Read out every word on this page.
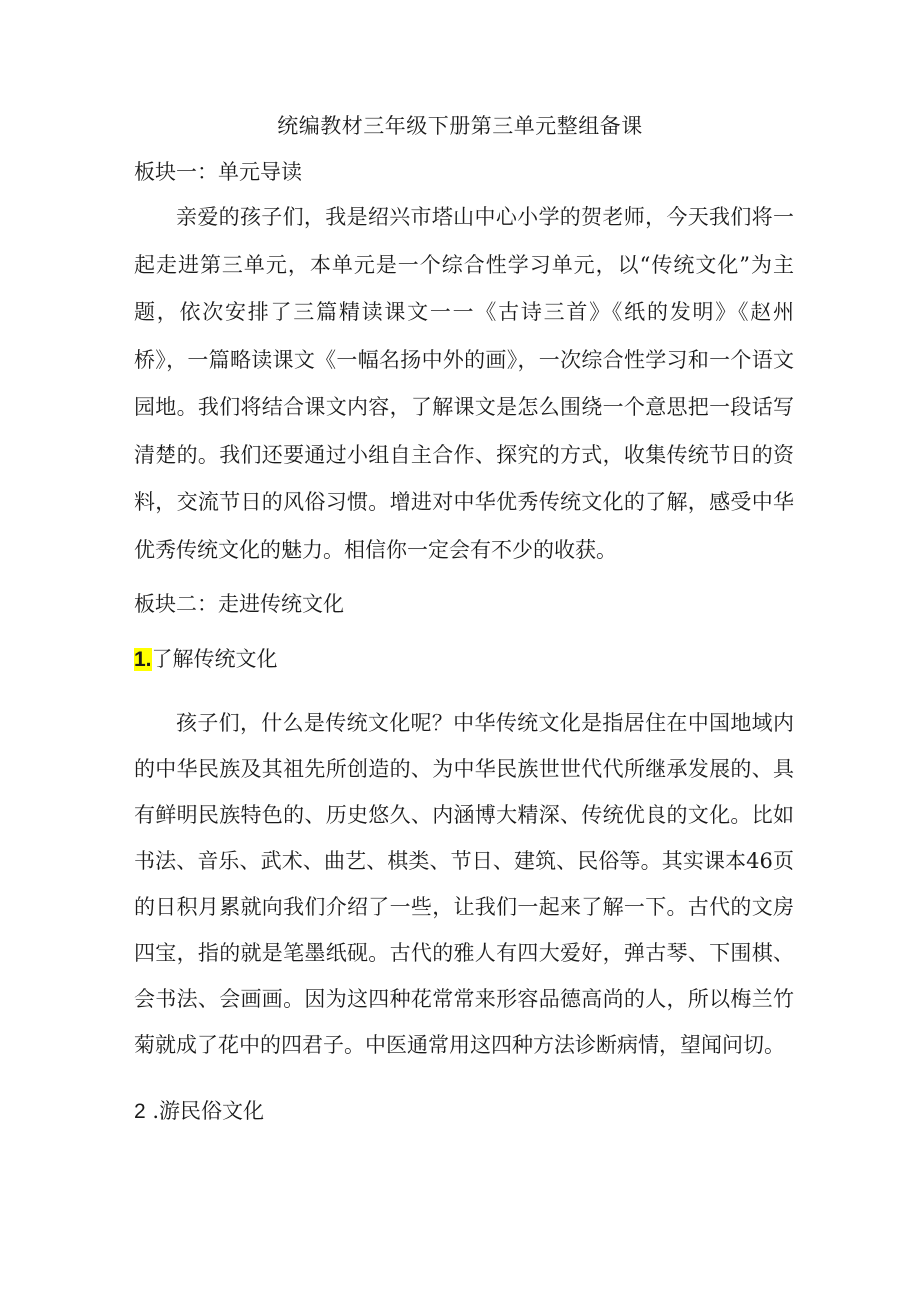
统编教材三年级下册第三单元整组备课
板块一：单元导读

亲爱的孩子们，我是绍兴市塔山中心小学的贺老师，今天我们将一起走进第三单元，本单元是一个综合性学习单元，以“传统文化”为主题，依次安排了三篇精读课文一一《古诗三首》《纸的发明》《赵州桥》，一篇略读课文《一幅名扬中外的画》，一次综合性学习和一个语文园地。我们将结合课文内容，了解课文是怎么围绕一个意思把一段话写清楚的。我们还要通过小组自主合作、探究的方式，收集传统节日的资料，交流节日的风俗习惯。增进对中华优秀传统文化的了解，感受中华优秀传统文化的魅力。相信你一定会有不少的收获。

板块二：走进传统文化
1.了解传统文化

孩子们，什么是传统文化呢？中华传统文化是指居住在中国地域内的中华民族及其祖先所创造的、为中华民族世世代代所继承发展的、具有鲜明民族特色的、历史悠久、内涵博大精深、传统优良的文化。比如书法、音乐、武术、曲艺、棋类、节日、建筑、民俗等。其实课本46页的日积月累就向我们介绍了一些，让我们一起来了解一下。古代的文房四宝，指的就是笔墨纸砚。古代的雅人有四大爱好，弹古琴、下围棋、会书法、会画画。因为这四种花常常来形容品德高尚的人，所以梅兰竹菊就成了花中的四君子。中医通常用这四种方法诊断病情，望闻问切。

2 .游民俗文化
